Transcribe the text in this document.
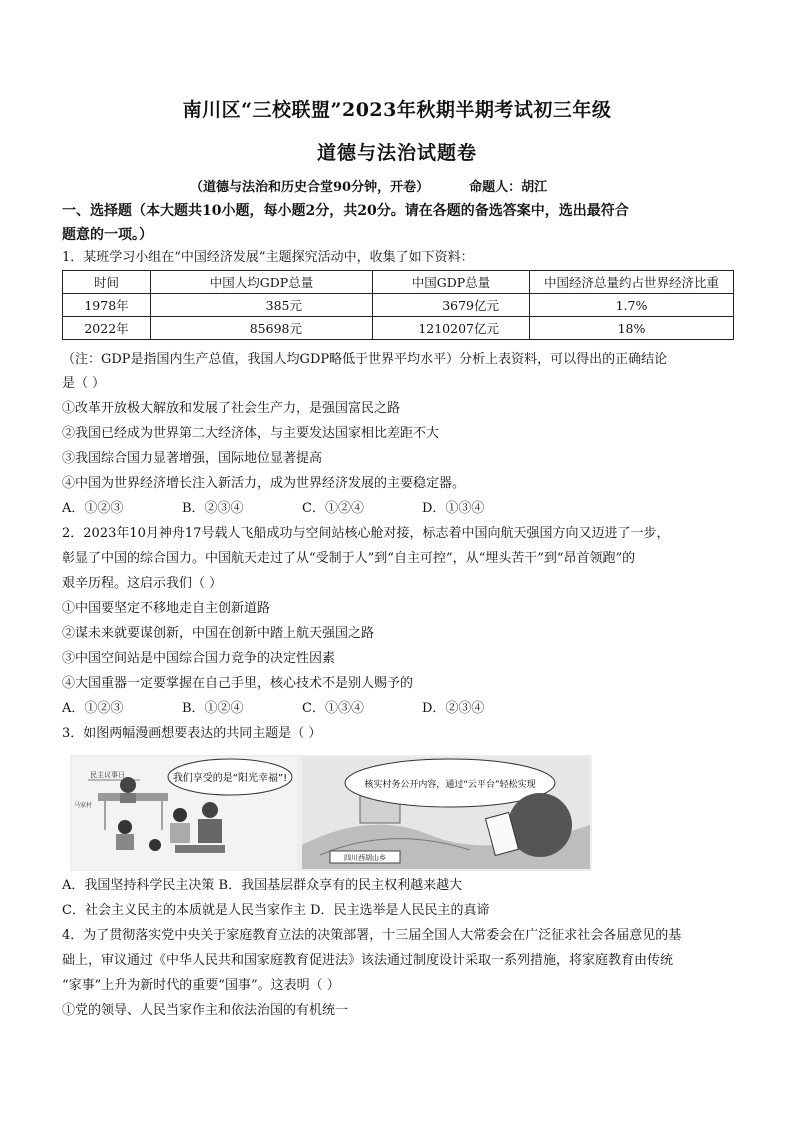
南川区“三校联盟”2023年秋期半期考试初三年级
道德与法治试题卷
（道德与法治和历史合堂90分钟，开卷）	命题人：胡江
一、选择题（本大题共10小题，每小题2分，共20分。请在各题的备选答案中，选出最符合
题意的一项。）
1．某班学习小组在“中国经济发展”主题探究活动中，收集了如下资料：
时间	中国人均GDP总量	中国GDP总量	中国经济总量约占世界经济比重
1978年	385元	3679亿元	1.7%
2022年	85698元	1210207亿元	18%
（注：GDP是指国内生产总值，我国人均GDP略低于世界平均水平）分析上表资料，可以得出的正确结论
是（ ）
①改革开放极大解放和发展了社会生产力，是强国富民之路
②我国已经成为世界第二大经济体，与主要发达国家相比差距不大
③我国综合国力显著增强，国际地位显著提高
④中国为世界经济增长注入新活力，成为世界经济发展的主要稳定器。
A．①②③	B．②③④	C．①②④	D．①③④
2．2023年10月神舟17号载人飞船成功与空间站核心舱对接，标志着中国向航天强国方向又迈进了一步，
彰显了中国的综合国力。中国航天走过了从“受制于人”到“自主可控”，从“埋头苦干”到“昂首领跑”的
艰辛历程。这启示我们（ ）
①中国要坚定不移地走自主创新道路
②谋未来就要谋创新，中国在创新中踏上航天强国之路
③中国空间站是中国综合国力竞争的决定性因素
④大国重器一定要掌握在自己手里，核心技术不是别人赐予的
A．①②③	B．①②④	C．①③④	D．②③④
3．如图两幅漫画想要表达的共同主题是（ ）
民主议事日
马家村
我们享受的是“阳光幸福”!
核实村务公开内容，通过“云平台”轻松实现
四川西胡山乡
A．我国坚持科学民主决策 B．我国基层群众享有的民主权利越来越大
C．社会主义民主的本质就是人民当家作主 D．民主选举是人民民主的真谛
4．为了贯彻落实党中央关于家庭教育立法的决策部署，十三届全国人大常委会在广泛征求社会各届意见的基
础上，审议通过《中华人民共和国家庭教育促进法》该法通过制度设计采取一系列措施，将家庭教育由传统
“家事”上升为新时代的重要“国事”。这表明（ ）
①党的领导、人民当家作主和依法治国的有机统一
